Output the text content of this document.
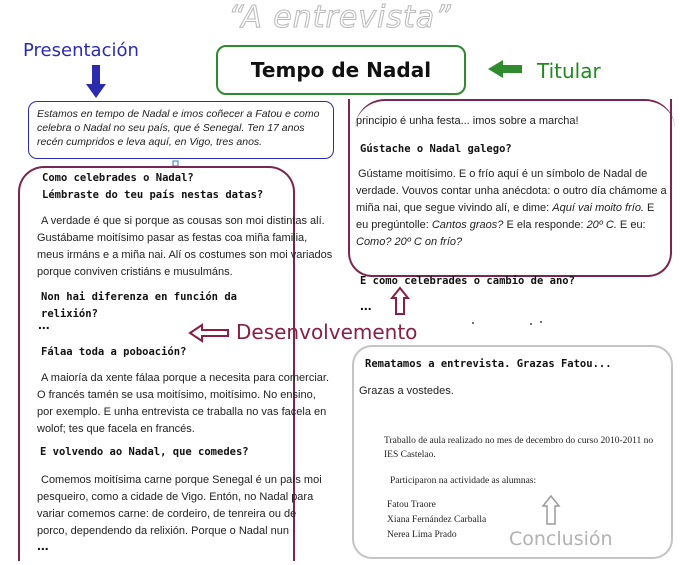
“A entrevista”
Presentación
Titular
Desenvolvemento
Conclusión
Tempo de Nadal
Estamos en tempo de Nadal e imos coñecer a Fatou e como celebra o Nadal no seu país, que é Senegal. Ten 17 anos recén cumpridos e leva aquí, en Vigo, tres anos.
Como celebrades o Nadal?
Lémbraste do teu país nestas datas?
A verdade é que si porque as cousas son moi distintas alí. Gustábame moitísimo pasar as festas coa miña familia, meus irmáns e a miña nai. Alí os costumes son moi variados porque conviven cristiáns e musulmáns.
Non hai diferenza en función da relixión?
...
Fálaa toda a poboación?
A maioría da xente fálaa porque a necesita para comerciar. O francés tamén se usa moitísimo, moitísimo. No ensino, por exemplo. E unha entrevista ce traballa no vas facela en wolof; tes que facela en francés.
E volvendo ao Nadal, que comedes?
Comemos moitísima carne porque Senegal é un país moi pesqueiro, como a cidade de Vigo. Entón, no Nadal para variar comemos carne: de cordeiro, de tenreira ou de porco, dependendo da relixión. Porque o Nadal nun
...
principio é unha festa... imos sobre a marcha!
Gústache o Nadal galego?
Gústame moitísimo. E o frío aquí é un símbolo de Nadal de verdade. Vouvos contar unha anécdota: o outro día chámome a miña nai, que segue vivindo alí, e dime: Aquí vai moito frío. E eu pregúntolle: Cantos graos? E ela responde: 20º C. E eu: Como? 20º C on frío?
E como celebrades o cambio de ano?
...
Rematamos a entrevista. Grazas Fatou...
Grazas a vostedes.
Traballo de aula realizado no mes de decembro do curso 2010-2011 no IES Castelao.
Participaron na actividade as alumnas:
Fatou Traore
Xiana Fernández Carballa
Nerea Lima Prado
